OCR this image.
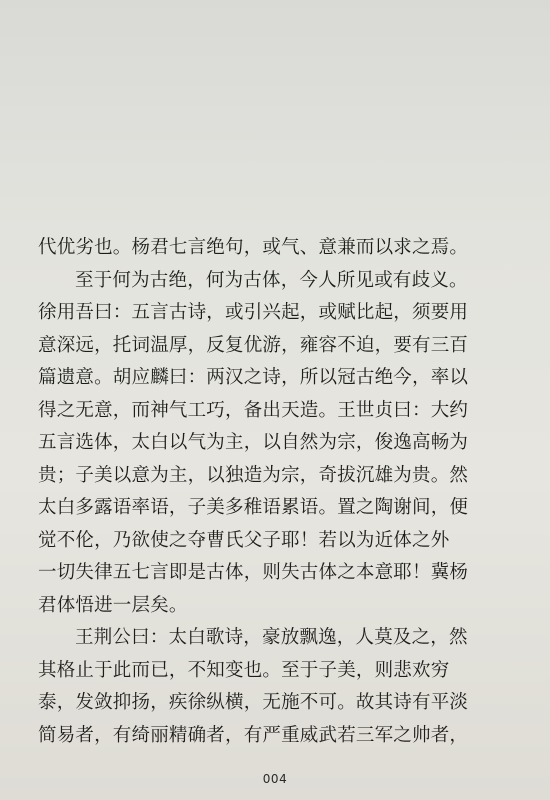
代优劣也。杨君七言绝句，或气、意兼而以求之焉。
至于何为古绝，何为古体，今人所见或有歧义。
徐用吾曰：五言古诗，或引兴起，或赋比起，须要用
意深远，托词温厚，反复优游，雍容不迫，要有三百
篇遗意。胡应麟曰：两汉之诗，所以冠古绝今，率以
得之无意，而神气工巧，备出天造。王世贞曰：大约
五言选体，太白以气为主，以自然为宗，俊逸高畅为
贵；子美以意为主，以独造为宗，奇拔沉雄为贵。然
太白多露语率语，子美多稚语累语。置之陶谢间，便
觉不伦，乃欲使之夺曹氏父子耶！若以为近体之外
一切失律五七言即是古体，则失古体之本意耶！冀杨
君体悟进一层矣。
王荆公曰：太白歌诗，豪放飘逸，人莫及之，然
其格止于此而已，不知变也。至于子美，则悲欢穷
泰，发敛抑扬，疾徐纵横，无施不可。故其诗有平淡
简易者，有绮丽精确者，有严重威武若三军之帅者，
004
